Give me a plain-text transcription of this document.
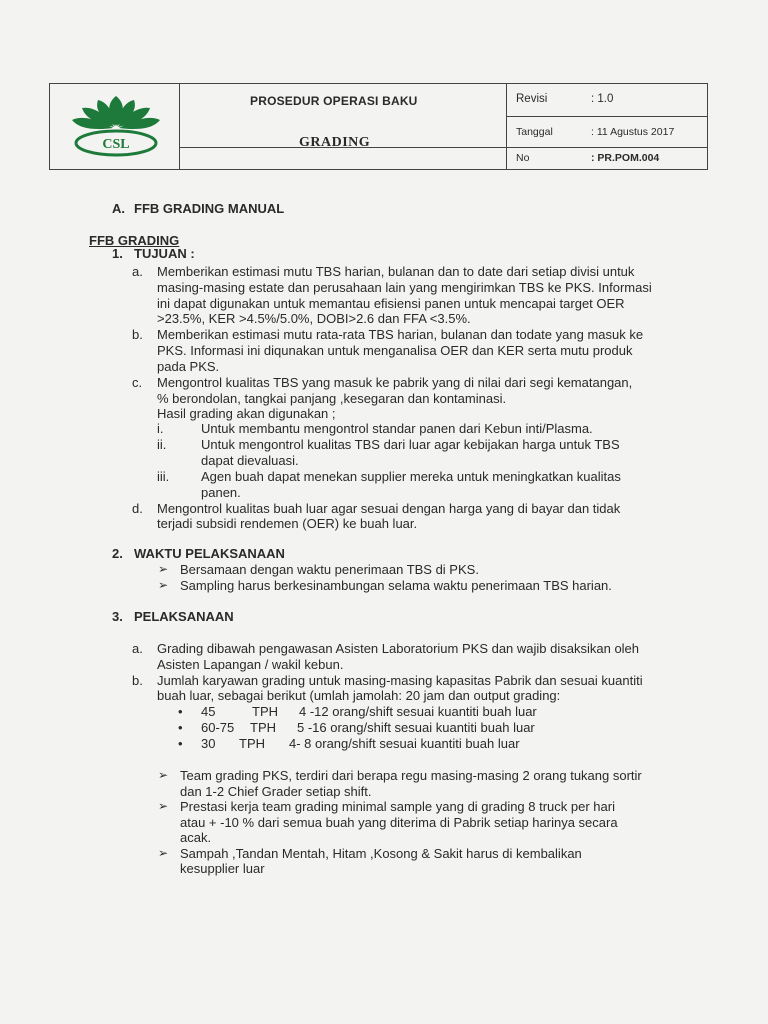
CSL
PROSEDUR OPERASI BAKU
GRADING
Revisi	: 1.0
Tanggal	: 11 Agustus 2017
No	: PR.POM.004
A. FFB GRADING MANUAL
FFB GRADING
1. TUJUAN :
a. Memberikan estimasi mutu TBS harian, bulanan dan to date dari setiap divisi untuk
masing-masing estate dan perusahaan lain yang mengirimkan TBS ke PKS. Informasi
ini dapat digunakan untuk memantau efisiensi panen untuk mencapai target OER
>23.5%, KER >4.5%/5.0%, DOBI>2.6 dan FFA <3.5%.
b. Memberikan estimasi mutu rata-rata TBS harian, bulanan dan todate yang masuk ke
PKS. Informasi ini diqunakan untuk menganalisa OER dan KER serta mutu produk
pada PKS.
c. Mengontrol kualitas TBS yang masuk ke pabrik yang di nilai dari segi kematangan,
% berondolan, tangkai panjang ,kesegaran dan kontaminasi.
Hasil grading akan digunakan ;
i.	Untuk membantu mengontrol standar panen dari Kebun inti/Plasma.
ii.	Untuk mengontrol kualitas TBS dari luar agar kebijakan harga untuk TBS
dapat dievaluasi.
iii. Agen buah dapat menekan supplier mereka untuk meningkatkan kualitas
panen.
d. Mengontrol kualitas buah luar agar sesuai dengan harga yang di bayar dan tidak
terjadi subsidi rendemen (OER) ke buah luar.
2. WAKTU PELAKSANAAN
➢ Bersamaan dengan waktu penerimaan TBS di PKS.
➢ Sampling harus berkesinambungan selama waktu penerimaan TBS harian.
3. PELAKSANAAN
a. Grading dibawah pengawasan Asisten Laboratorium PKS dan wajib disaksikan oleh
Asisten Lapangan / wakil kebun.
b. Jumlah karyawan grading untuk masing-masing kapasitas Pabrik dan sesuai kuantiti
buah luar, sebagai berikut (umlah jamolah: 20 jam dan output grading:
• 45	TPH 4 -12 orang/shift sesuai kuantiti buah luar
• 60-75 TPH 5 -16 orang/shift sesuai kuantiti buah luar
• 30 TPH 4- 8 orang/shift sesuai kuantiti buah luar
➢ Team grading PKS, terdiri dari berapa regu masing-masing 2 orang tukang sortir
dan 1-2 Chief Grader setiap shift.
➢ Prestasi kerja team grading minimal sample yang di grading 8 truck per hari
atau + -10 % dari semua buah yang diterima di Pabrik setiap harinya secara
acak.
➢ Sampah ,Tandan Mentah, Hitam ,Kosong & Sakit harus di kembalikan
kesupplier luar
